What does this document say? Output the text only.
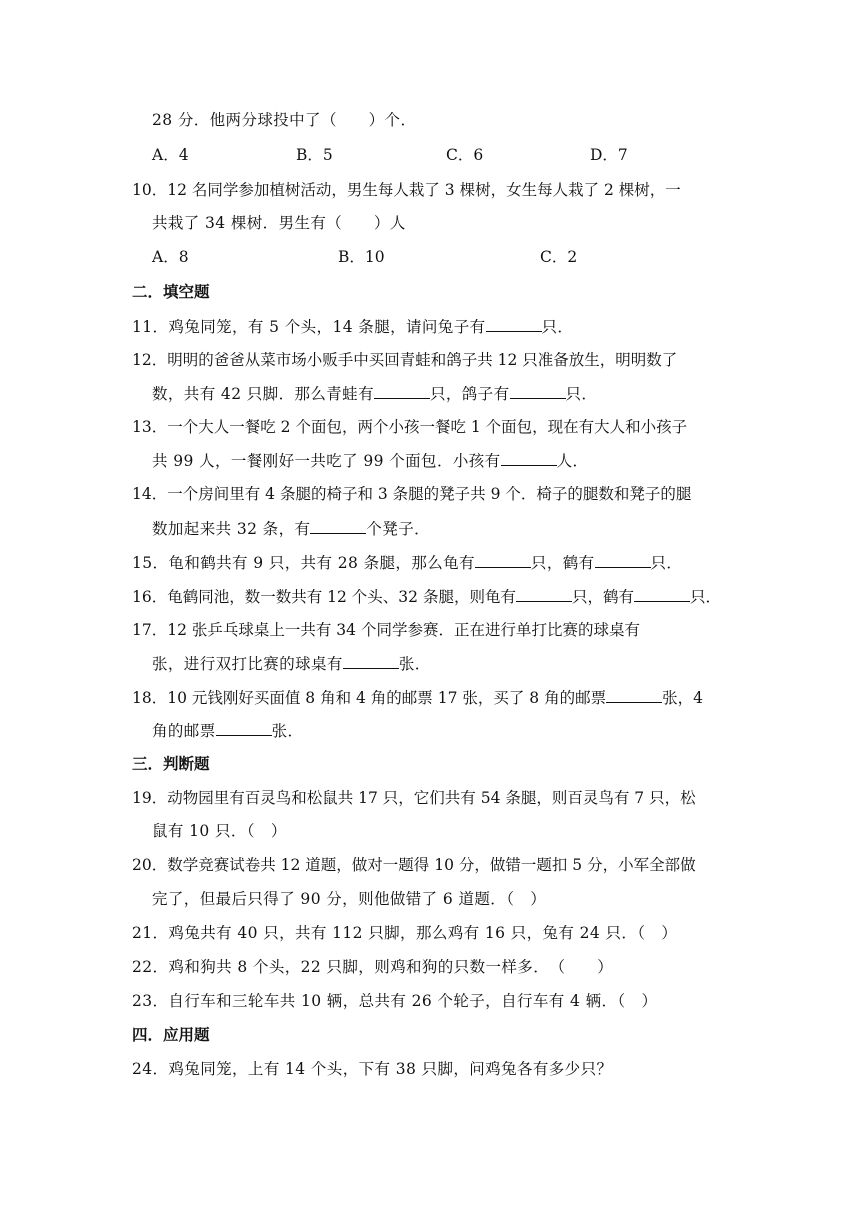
28 分．他两分球投中了（　　）个．
A．4	B．5	C．6	D．7
10．12 名同学参加植树活动，男生每人栽了 3 棵树，女生每人栽了 2 棵树，一
共栽了 34 棵树．男生有（　　）人
A．8	B．10	C．2
二．填空题
11．鸡兔同笼，有 5 个头，14 条腿，请问兔子有	只．
12．明明的爸爸从菜市场小贩手中买回青蛙和鸽子共 12 只准备放生，明明数了
数，共有 42 只脚．那么青蛙有	只，鸽子有	只．
13．一个大人一餐吃 2 个面包，两个小孩一餐吃 1 个面包，现在有大人和小孩子
共 99 人，一餐刚好一共吃了 99 个面包．小孩有	人．
14．一个房间里有 4 条腿的椅子和 3 条腿的凳子共 9 个．椅子的腿数和凳子的腿
数加起来共 32 条，有	个凳子．
15．龟和鹤共有 9 只，共有 28 条腿，那么龟有	只，鹤有	只．
16．龟鹤同池，数一数共有 12 个头、32 条腿，则龟有	只，鹤有	只．
17．12 张乒乓球桌上一共有 34 个同学参赛．正在进行单打比赛的球桌有
张，进行双打比赛的球桌有	张．
18．10 元钱刚好买面值 8 角和 4 角的邮票 17 张，买了 8 角的邮票	张，4
角的邮票	张．
三．判断题
19．动物园里有百灵鸟和松鼠共 17 只，它们共有 54 条腿，则百灵鸟有 7 只，松
鼠有 10 只．（　）
20．数学竞赛试卷共 12 道题，做对一题得 10 分，做错一题扣 5 分，小军全部做
完了，但最后只得了 90 分，则他做错了 6 道题．（　）
21．鸡兔共有 40 只，共有 112 只脚，那么鸡有 16 只，兔有 24 只．（　）
22．鸡和狗共 8 个头，22 只脚，则鸡和狗的只数一样多．　（　　）
23．自行车和三轮车共 10 辆，总共有 26 个轮子，自行车有 4 辆．（　）
四．应用题
24．鸡兔同笼，上有 14 个头，下有 38 只脚，问鸡兔各有多少只？
